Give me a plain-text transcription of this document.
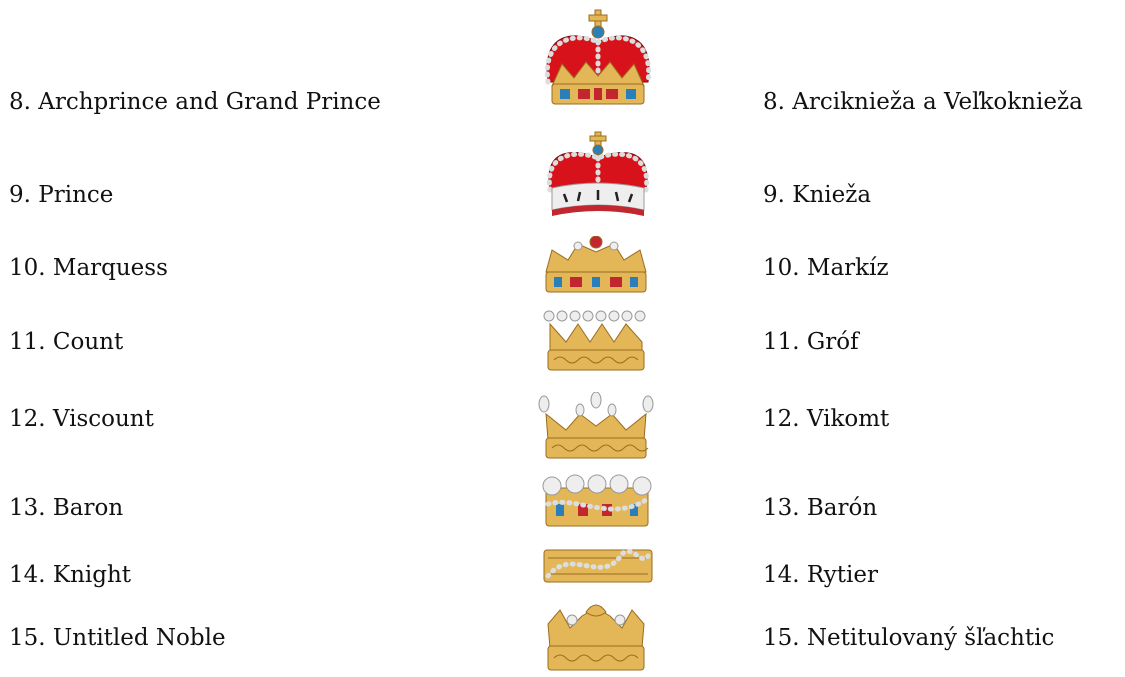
8. Archprince and Grand Prince
9. Prince
10. Marquess
11. Count
12. Viscount
13. Baron
14. Knight
15. Untitled Noble
8. Arcikniežа a Veľkoknieža
9. Knieža
10. Markíz
11. Gróf
12. Vikomt
13. Barón
14. Rytier
15. Netitulovaný šľachtic
